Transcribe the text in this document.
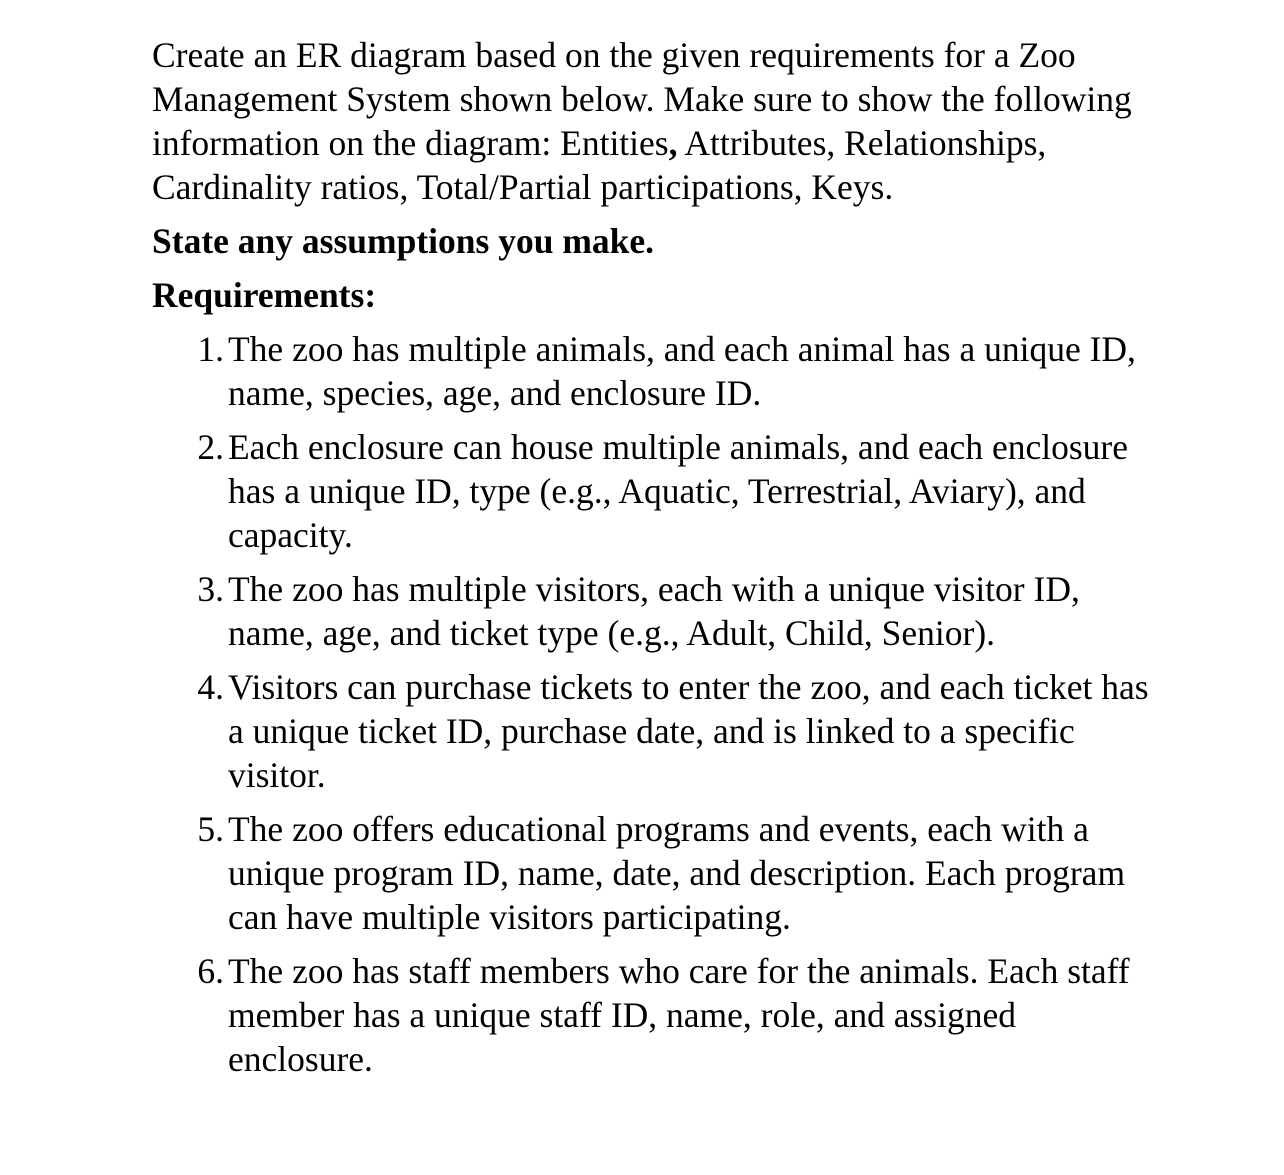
Create an ER diagram based on the given requirements for a Zoo Management System shown below. Make sure to show the following information on the diagram: Entities, Attributes, Relationships, Cardinality ratios, Total/Partial participations, Keys.

State any assumptions you make.

Requirements:

1. The zoo has multiple animals, and each animal has a unique ID, name, species, age, and enclosure ID.
2. Each enclosure can house multiple animals, and each enclosure has a unique ID, type (e.g., Aquatic, Terrestrial, Aviary), and capacity.
3. The zoo has multiple visitors, each with a unique visitor ID, name, age, and ticket type (e.g., Adult, Child, Senior).
4. Visitors can purchase tickets to enter the zoo, and each ticket has a unique ticket ID, purchase date, and is linked to a specific visitor.
5. The zoo offers educational programs and events, each with a unique program ID, name, date, and description. Each program can have multiple visitors participating.
6. The zoo has staff members who care for the animals. Each staff member has a unique staff ID, name, role, and assigned enclosure.
